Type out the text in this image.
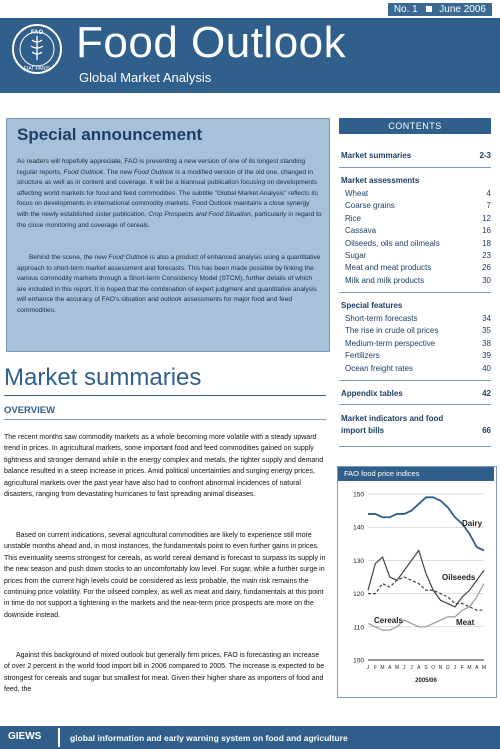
No. 1 June 2006
FIAT PANIS
FAO Food Outlook
Global Market Analysis
Special announcement
As readers will hopefully appreciate, FAO is presenting a new version of one of its longest standing regular reports, Food Outlook. The new Food Outlook is a modified version of the old one, changed in structure as well as in content and coverage. It will be a biannual publication focusing on developments affecting world markets for food and feed commodities. The subtitle "Global Market Analysis" reflects its focus on developments in international commodity markets. Food Outlook maintains a close synergy with the newly established sister publication, Crop Prospects and Food Situation, particularly in regard to the close monitoring and coverage of cereals.
Behind the scene, the new Food Outlook is also a product of enhanced analysis using a quantitative approach to short-term market assessment and forecasts. This has been made possible by linking the various commodity markets through a Short-term Consistency Model (STCM), further details of which are included in this report. It is hoped that the combination of expert judgment and quantitative analysis will enhance the accuracy of FAO's situation and outlook assessments for major food and feed commodities.
Market summaries
OVERVIEW
The recent months saw commodity markets as a whole becoming more volatile with a steady upward trend in prices. In agricultural markets, some important food and feed commodities gained on supply tightness and stronger demand while in the energy complex and metals, the tighter supply and demand balance resulted in a steep increase in prices. Amid political uncertainties and surging energy prices, agricultural markets over the past year have also had to confront abnormal incidences of natural disasters, ranging from devastating hurricanes to fast spreading animal diseases.
Based on current indications, several agricultural commodities are likely to experience still more unstable months ahead and, in most instances, the fundamentals point to even further gains in prices. This eventuality seems strongest for cereals, as world cereal demand is forecast to surpass its supply in the new season and push down stocks to an uncomfortably low level. For sugar, while a further surge in prices from the current high levels could be considered as less probable, the main risk remains the continuing price volatility. For the oilseed complex, as well as meat and dairy, fundamentals at this point in time do not support a tightening in the markets and the near-term price prospects are more on the downside instead.
Against this background of mixed outlook but generally firm prices, FAO is forecasting an increase of over 2 percent in the world food import bill in 2006 compared to 2005. The increase is expected to be strongest for cereals and sugar but smallest for meat. Given their higher share as importers of food and feed, the
CONTENTS
Market summaries	2-3
Market assessments
Wheat	4
Coarse grains	7
Rice	12
Cassava	16
Oilseeds, oils and oilmeals	18
Sugar	23
Meat and meat products	26
Milk and milk products	30
Special features
Short-term forecasts	34
The rise in crude oil prices	35
Medium-term perspective	38
Fertilizers	39
Ocean freight rates	40
Appendix tables	42
Market indicators and food
import bills	66
FAO food price indices
100
110
120
130
140
150
J F M A M J J A S O N D J F M A M
2005/06
Dairy
Oilseeds
Meat
Cereals
GIEWS	global information and early warning system on food and agriculture
